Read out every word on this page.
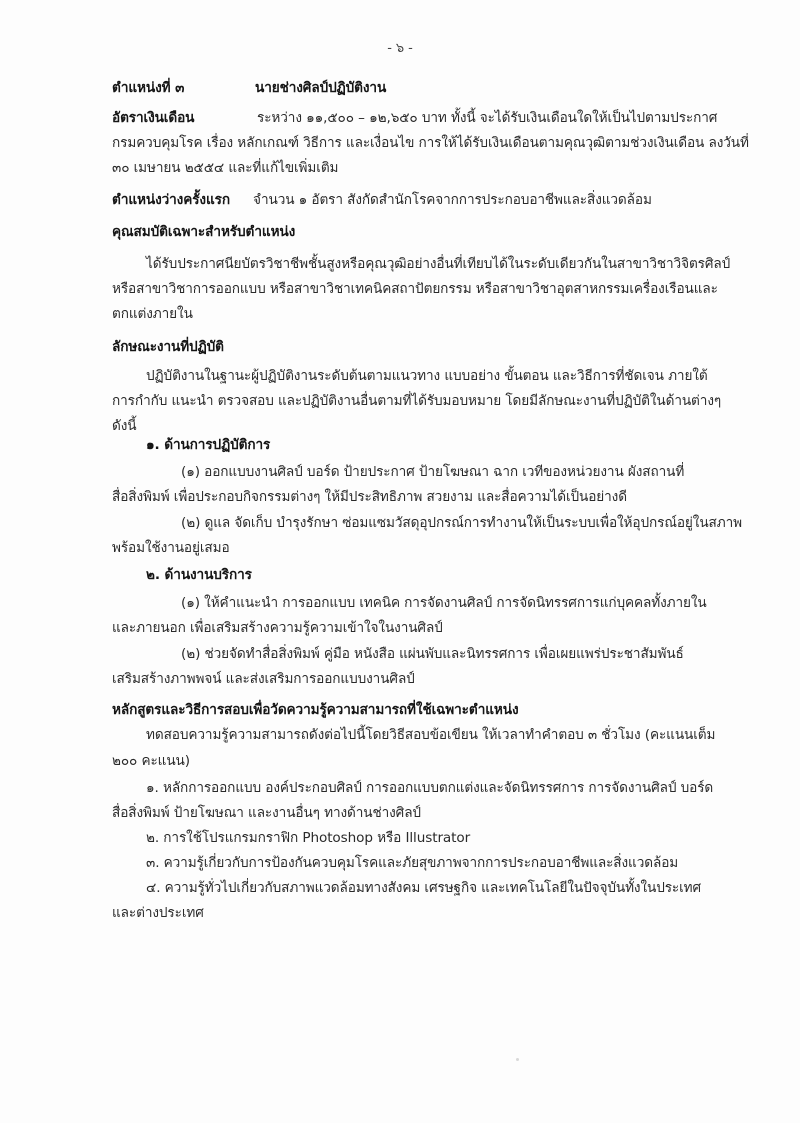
- ๖ -
ตำแหน่งที่ ๓	นายช่างศิลป์ปฏิบัติงาน
อัตราเงินเดือน	ระหว่าง ๑๑,๕๐๐ – ๑๒,๖๕๐ บาท ทั้งนี้ จะได้รับเงินเดือนใดให้เป็นไปตามประกาศ
กรมควบคุมโรค เรื่อง หลักเกณฑ์ วิธีการ และเงื่อนไข การให้ได้รับเงินเดือนตามคุณวุฒิตามช่วงเงินเดือน ลงวันที่
๓๐ เมษายน ๒๕๕๔ และที่แก้ไขเพิ่มเติม
ตำแหน่งว่างครั้งแรก จำนวน ๑ อัตรา สังกัดสำนักโรคจากการประกอบอาชีพและสิ่งแวดล้อม
คุณสมบัติเฉพาะสำหรับตำแหน่ง
ได้รับประกาศนียบัตรวิชาชีพชั้นสูงหรือคุณวุฒิอย่างอื่นที่เทียบได้ในระดับเดียวกันในสาขาวิชาวิจิตรศิลป์
หรือสาขาวิชาการออกแบบ หรือสาขาวิชาเทคนิคสถาปัตยกรรม หรือสาขาวิชาอุตสาหกรรมเครื่องเรือนและ
ตกแต่งภายใน
ลักษณะงานที่ปฏิบัติ
ปฏิบัติงานในฐานะผู้ปฏิบัติงานระดับต้นตามแนวทาง แบบอย่าง ขั้นตอน และวิธีการที่ชัดเจน ภายใต้
การกำกับ แนะนำ ตรวจสอบ และปฏิบัติงานอื่นตามที่ได้รับมอบหมาย โดยมีลักษณะงานที่ปฏิบัติในด้านต่างๆ
ดังนี้
๑. ด้านการปฏิบัติการ
(๑) ออกแบบงานศิลป์ บอร์ด ป้ายประกาศ ป้ายโฆษณา ฉาก เวทีของหน่วยงาน ผังสถานที่
สื่อสิ่งพิมพ์ เพื่อประกอบกิจกรรมต่างๆ ให้มีประสิทธิภาพ สวยงาม และสื่อความได้เป็นอย่างดี
(๒) ดูแล จัดเก็บ บำรุงรักษา ซ่อมแซมวัสดุอุปกรณ์การทำงานให้เป็นระบบเพื่อให้อุปกรณ์อยู่ในสภาพ
พร้อมใช้งานอยู่เสมอ
๒. ด้านงานบริการ
(๑) ให้คำแนะนำ การออกแบบ เทคนิค การจัดงานศิลป์ การจัดนิทรรศการแก่บุคคลทั้งภายใน
และภายนอก เพื่อเสริมสร้างความรู้ความเข้าใจในงานศิลป์
(๒) ช่วยจัดทำสื่อสิ่งพิมพ์ คู่มือ หนังสือ แผ่นพับและนิทรรศการ เพื่อเผยแพร่ประชาสัมพันธ์
เสริมสร้างภาพพจน์ และส่งเสริมการออกแบบงานศิลป์
หลักสูตรและวิธีการสอบเพื่อวัดความรู้ความสามารถที่ใช้เฉพาะตำแหน่ง
ทดสอบความรู้ความสามารถดังต่อไปนี้โดยวิธีสอบข้อเขียน ให้เวลาทำคำตอบ ๓ ชั่วโมง (คะแนนเต็ม
๒๐๐ คะแนน)
๑. หลักการออกแบบ องค์ประกอบศิลป์ การออกแบบตกแต่งและจัดนิทรรศการ การจัดงานศิลป์ บอร์ด
สื่อสิ่งพิมพ์ ป้ายโฆษณา และงานอื่นๆ ทางด้านช่างศิลป์
๒. การใช้โปรแกรมกราฟิก Photoshop หรือ Illustrator
๓. ความรู้เกี่ยวกับการป้องกันควบคุมโรคและภัยสุขภาพจากการประกอบอาชีพและสิ่งแวดล้อม
๔. ความรู้ทั่วไปเกี่ยวกับสภาพแวดล้อมทางสังคม เศรษฐกิจ และเทคโนโลยีในปัจจุบันทั้งในประเทศ
และต่างประเทศ
